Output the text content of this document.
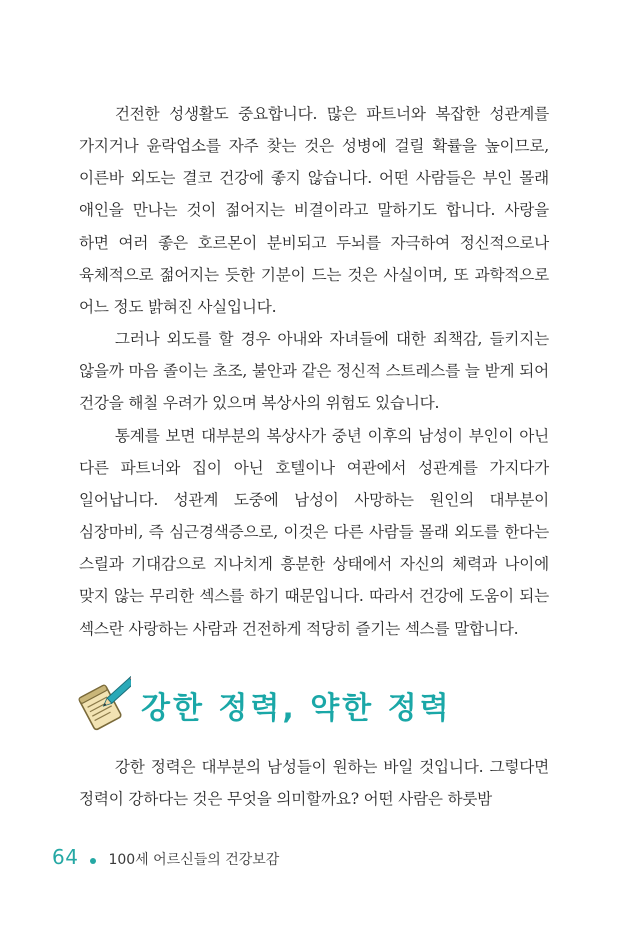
건전한 성생활도 중요합니다. 많은 파트너와 복잡한 성관계를 가지거나 윤락업소를 자주 찾는 것은 성병에 걸릴 확률을 높이므로, 이른바 외도는 결코 건강에 좋지 않습니다. 어떤 사람들은 부인 몰래 애인을 만나는 것이 젊어지는 비결이라고 말하기도 합니다. 사랑을 하면 여러 좋은 호르몬이 분비되고 두뇌를 자극하여 정신적으로나 육체적으로 젊어지는 듯한 기분이 드는 것은 사실이며, 또 과학적으로 어느 정도 밝혀진 사실입니다.

그러나 외도를 할 경우 아내와 자녀들에 대한 죄책감, 들키지는 않을까 마음 졸이는 초조, 불안과 같은 정신적 스트레스를 늘 받게 되어 건강을 해칠 우려가 있으며 복상사의 위험도 있습니다.

통계를 보면 대부분의 복상사가 중년 이후의 남성이 부인이 아닌 다른 파트너와 집이 아닌 호텔이나 여관에서 성관계를 가지다가 일어납니다. 성관계 도중에 남성이 사망하는 원인의 대부분이 심장마비, 즉 심근경색증으로, 이것은 다른 사람들 몰래 외도를 한다는 스릴과 기대감으로 지나치게 흥분한 상태에서 자신의 체력과 나이에 맞지 않는 무리한 섹스를 하기 때문입니다. 따라서 건강에 도움이 되는 섹스란 사랑하는 사람과 건전하게 적당히 즐기는 섹스를 말합니다.

강한 정력, 약한 정력

강한 정력은 대부분의 남성들이 원하는 바일 것입니다. 그렇다면 정력이 강하다는 것은 무엇을 의미할까요? 어떤 사람은 하룻밤

64 100세 어르신들의 건강보감
